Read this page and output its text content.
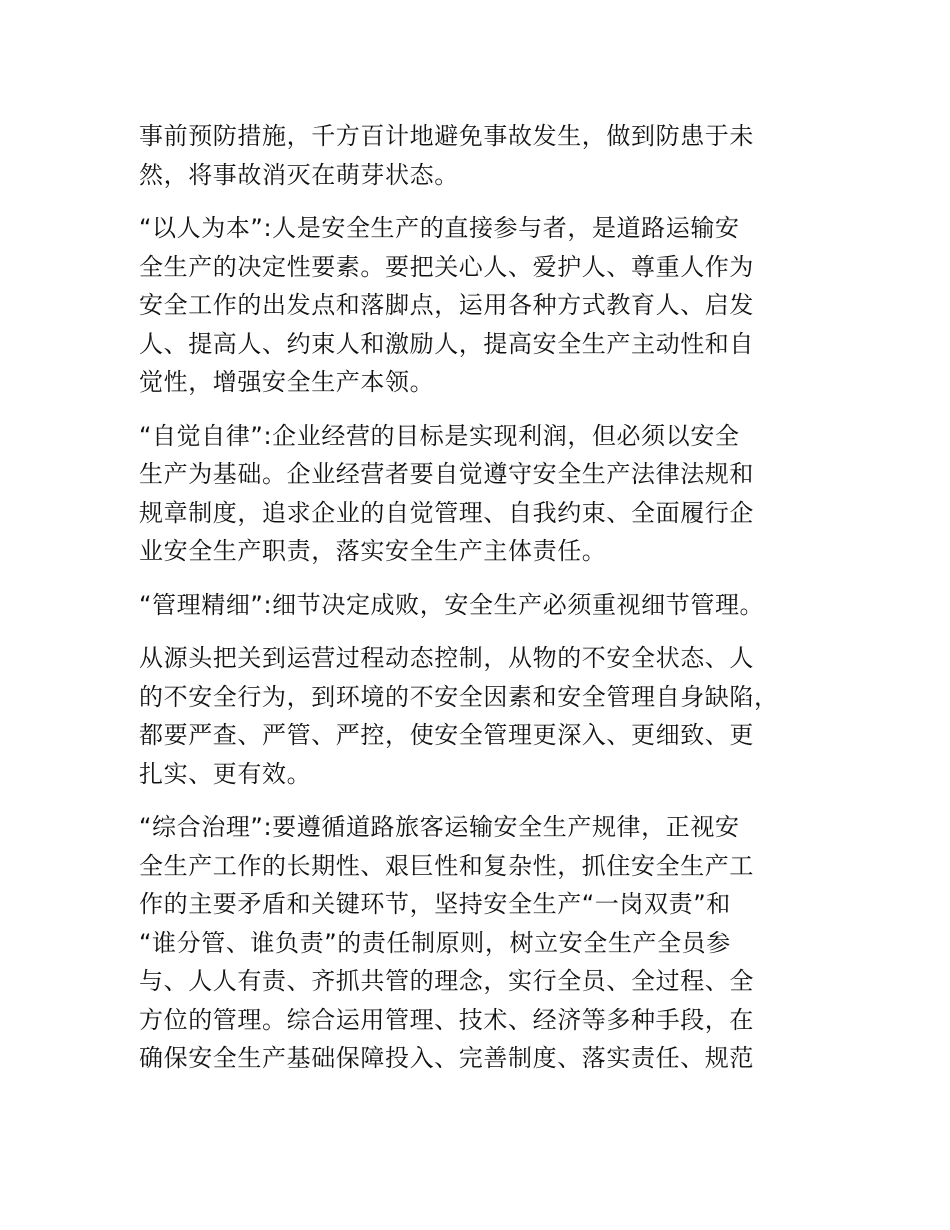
事前预防措施，千方百计地避免事故发生，做到防患于未
然，将事故消灭在萌芽状态。

“以人为本”:人是安全生产的直接参与者，是道路运输安
全生产的决定性要素。要把关心人、爱护人、尊重人作为
安全工作的出发点和落脚点，运用各种方式教育人、启发
人、提高人、约束人和激励人，提高安全生产主动性和自
觉性，增强安全生产本领。

“自觉自律”:企业经营的目标是实现利润，但必须以安全
生产为基础。企业经营者要自觉遵守安全生产法律法规和
规章制度，追求企业的自觉管理、自我约束、全面履行企
业安全生产职责，落实安全生产主体责任。

“管理精细”:细节决定成败，安全生产必须重视细节管理。

从源头把关到运营过程动态控制，从物的不安全状态、人
的不安全行为，到环境的不安全因素和安全管理自身缺陷，
都要严查、严管、严控，使安全管理更深入、更细致、更
扎实、更有效。

“综合治理”:要遵循道路旅客运输安全生产规律，正视安
全生产工作的长期性、艰巨性和复杂性，抓住安全生产工
作的主要矛盾和关键环节，坚持安全生产“一岗双责”和
“谁分管、谁负责”的责任制原则，树立安全生产全员参
与、人人有责、齐抓共管的理念，实行全员、全过程、全
方位的管理。综合运用管理、技术、经济等多种手段，在
确保安全生产基础保障投入、完善制度、落实责任、规范
